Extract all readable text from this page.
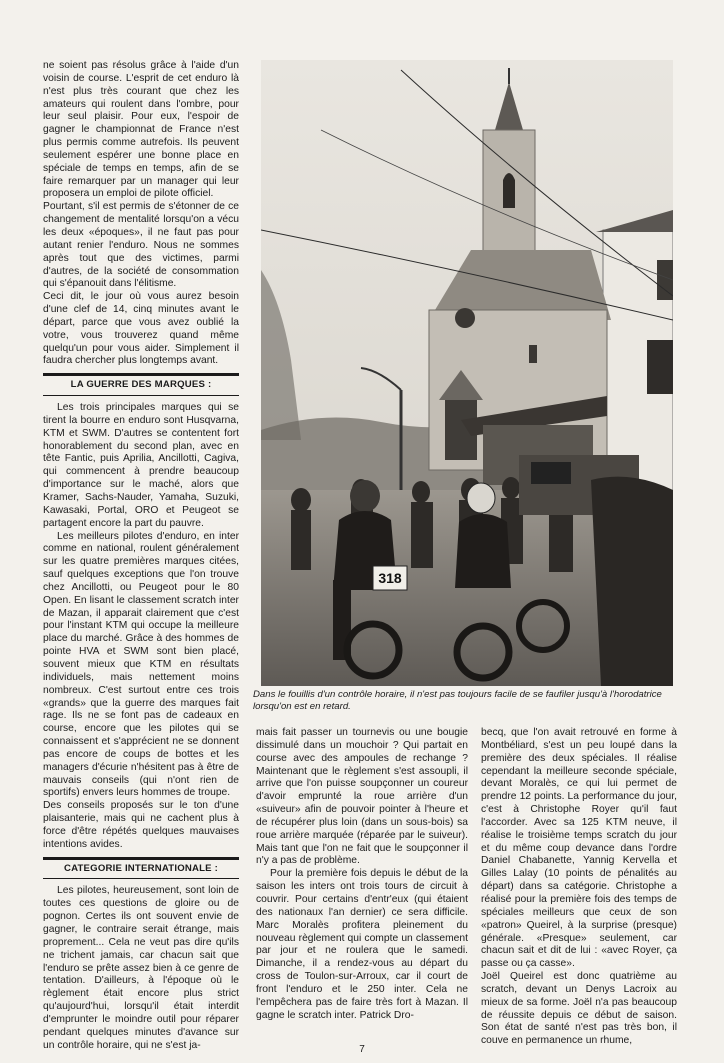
ne soient pas résolus grâce à l'aide d'un voisin de course. L'esprit de cet enduro là n'est plus très courant que chez les amateurs qui roulent dans l'ombre, pour leur seul plaisir. Pour eux, l'espoir de gagner le championnat de France n'est plus permis comme autrefois. Ils peuvent seulement espérer une bonne place en spéciale de temps en temps, afin de se faire remarquer par un manager qui leur proposera un emploi de pilote officiel.

Pourtant, s'il est permis de s'étonner de ce changement de mentalité lorsqu'on a vécu les deux «époques», il ne faut pas pour autant renier l'enduro. Nous ne sommes après tout que des victimes, parmi d'autres, de la société de consommation qui s'épanouit dans l'élitisme.

Ceci dit, le jour où vous aurez besoin d'une clef de 14, cinq minutes avant le départ, parce que vous avez oublié la votre, vous trouverez quand même quelqu'un pour vous aider. Simplement il faudra chercher plus longtemps avant.

LA GUERRE DES MARQUES :

Les trois principales marques qui se tirent la bourre en enduro sont Husqvarna, KTM et SWM. D'autres se contentent fort honorablement du second plan, avec en tête Fantic, puis Aprilia, Ancillotti, Cagiva, qui commencent à prendre beaucoup d'importance sur le maché, alors que Kramer, Sachs-Nauder, Yamaha, Suzuki, Kawasaki, Portal, ORO et Peugeot se partagent encore la part du pauvre.

Les meilleurs pilotes d'enduro, en inter comme en national, roulent généralement sur les quatre premières marques citées, sauf quelques exceptions que l'on trouve chez Ancillotti, ou Peugeot pour le 80 Open. En lisant le classement scratch inter de Mazan, il apparait clairement que c'est pour l'instant KTM qui occupe la meilleure place du marché. Grâce à des hommes de pointe HVA et SWM sont bien placé, souvent mieux que KTM en résultats individuels, mais nettement moins nombreux. C'est surtout entre ces trois «grands» que la guerre des marques fait rage. Ils ne se font pas de cadeaux en course, encore que les pilotes qui se connaissent et s'apprécient ne se donnent pas encore de coups de bottes et les managers d'écurie n'hésitent pas à être de mauvais conseils (qui n'ont rien de sportifs) envers leurs hommes de troupe.

Des conseils proposés sur le ton d'une plaisanterie, mais qui ne cachent plus à force d'être répétés quelques mauvaises intentions avides.

CATEGORIE INTERNATIONALE :

Les pilotes, heureusement, sont loin de toutes ces questions de gloire ou de pognon. Certes ils ont souvent envie de gagner, le contraire serait étrange, mais proprement... Cela ne veut pas dire qu'ils ne trichent jamais, car chacun sait que l'enduro se prête assez bien à ce genre de tentation. D'ailleurs, à l'époque où le règlement était encore plus strict qu'aujourd'hui, lorsqu'il était interdit d'emprunter le moindre outil pour réparer pendant quelques minutes d'avance sur un contrôle horaire, qui ne s'est ja-

318
Dans le fouillis d'un contrôle horaire, il n'est pas toujours facile de se faufiler jusqu'à l'horodatrice lorsqu'on est en retard.

mais fait passer un tournevis ou une bougie dissimulé dans un mouchoir ? Qui partait en course avec des ampoules de rechange ? Maintenant que le règlement s'est assoupli, il arrive que l'on puisse soupçonner un coureur d'avoir emprunté la roue arrière d'un «suiveur» afin de pouvoir pointer à l'heure et de récupérer plus loin (dans un sous-bois) sa roue arrière marquée (réparée par le suiveur). Mais tant que l'on ne fait que le soupçonner il n'y a pas de problème.

Pour la première fois depuis le début de la saison les inters ont trois tours de circuit à couvrir. Pour certains d'entr'eux (qui étaient des nationaux l'an dernier) ce sera difficile. Marc Moralès profitera pleinement du nouveau règlement qui compte un classement par jour et ne roulera que le samedi. Dimanche, il a rendez-vous au départ du cross de Toulon-sur-Arroux, car il court de front l'enduro et le 250 inter. Cela ne l'empêchera pas de faire très fort à Mazan. Il gagne le scratch inter. Patrick Dro-

becq, que l'on avait retrouvé en forme à Montbéliard, s'est un peu loupé dans la première des deux spéciales. Il réalise cependant la meilleure seconde spéciale, devant Moralès, ce qui lui permet de prendre 12 points. La performance du jour, c'est à Christophe Royer qu'il faut l'accorder. Avec sa 125 KTM neuve, il réalise le troisième temps scratch du jour et du même coup devance dans l'ordre Daniel Chabanette, Yannig Kervella et Gilles Lalay (10 points de pénalités au départ) dans sa catégorie. Christophe a réalisé pour la première fois des temps de spéciales meilleurs que ceux de son «patron» Queirel, à la surprise (presque) générale. «Presque» seulement, car chacun sait et dit de lui : «avec Royer, ça passe ou ça casse».

Joël Queirel est donc quatrième au scratch, devant un Denys Lacroix au mieux de sa forme. Joël n'a pas beaucoup de réussite depuis ce début de saison. Son état de santé n'est pas très bon, il couve en permanence un rhume,

7
